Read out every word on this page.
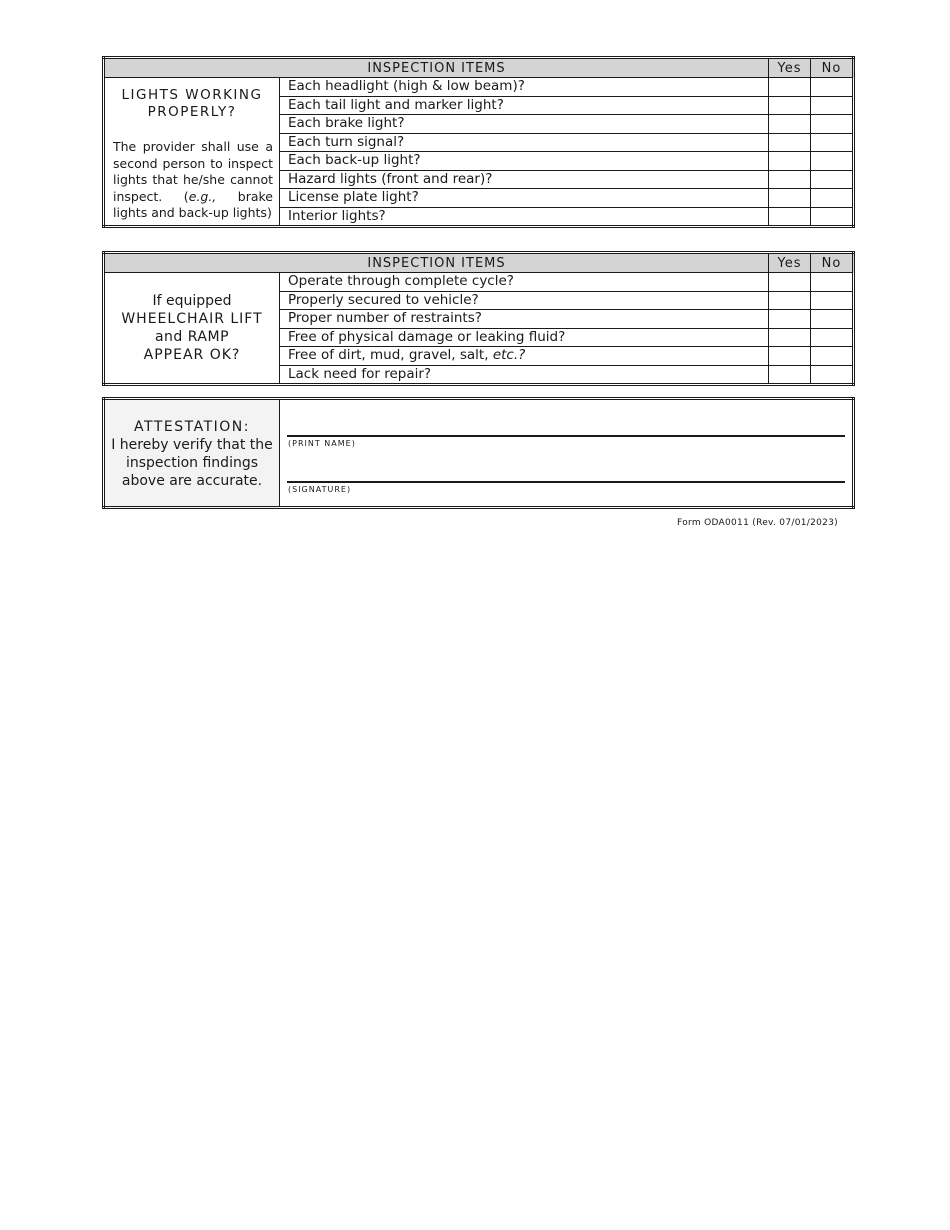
INSPECTION ITEMS		Yes	No

LIGHTS WORKING
PROPERLY?
The provider shall use a second person to inspect lights that he/she cannot inspect. (e.g., brake lights and back-up lights)	Each headlight (high & low beam)?		
	Each tail light and marker light?		
	Each brake light?		
	Each turn signal?		
	Each back-up light?		
	Hazard lights (front and rear)?		
	License plate light?		
	Interior lights?		
INSPECTION ITEMS		Yes	No

If equipped
WHEELCHAIR LIFT
and RAMP
APPEAR OK?	Operate through complete cycle?		
	Properly secured to vehicle?		
	Proper number of restraints?		
	Free of physical damage or leaking fluid?		
	Free of dirt, mud, gravel, salt, etc.?		
	Lack need for repair?		
ATTESTATION:
I hereby verify that the
inspection findings
above are accurate.

(PRINT NAME)
(SIGNATURE)
Form ODA0011 (Rev. 07/01/2023)
